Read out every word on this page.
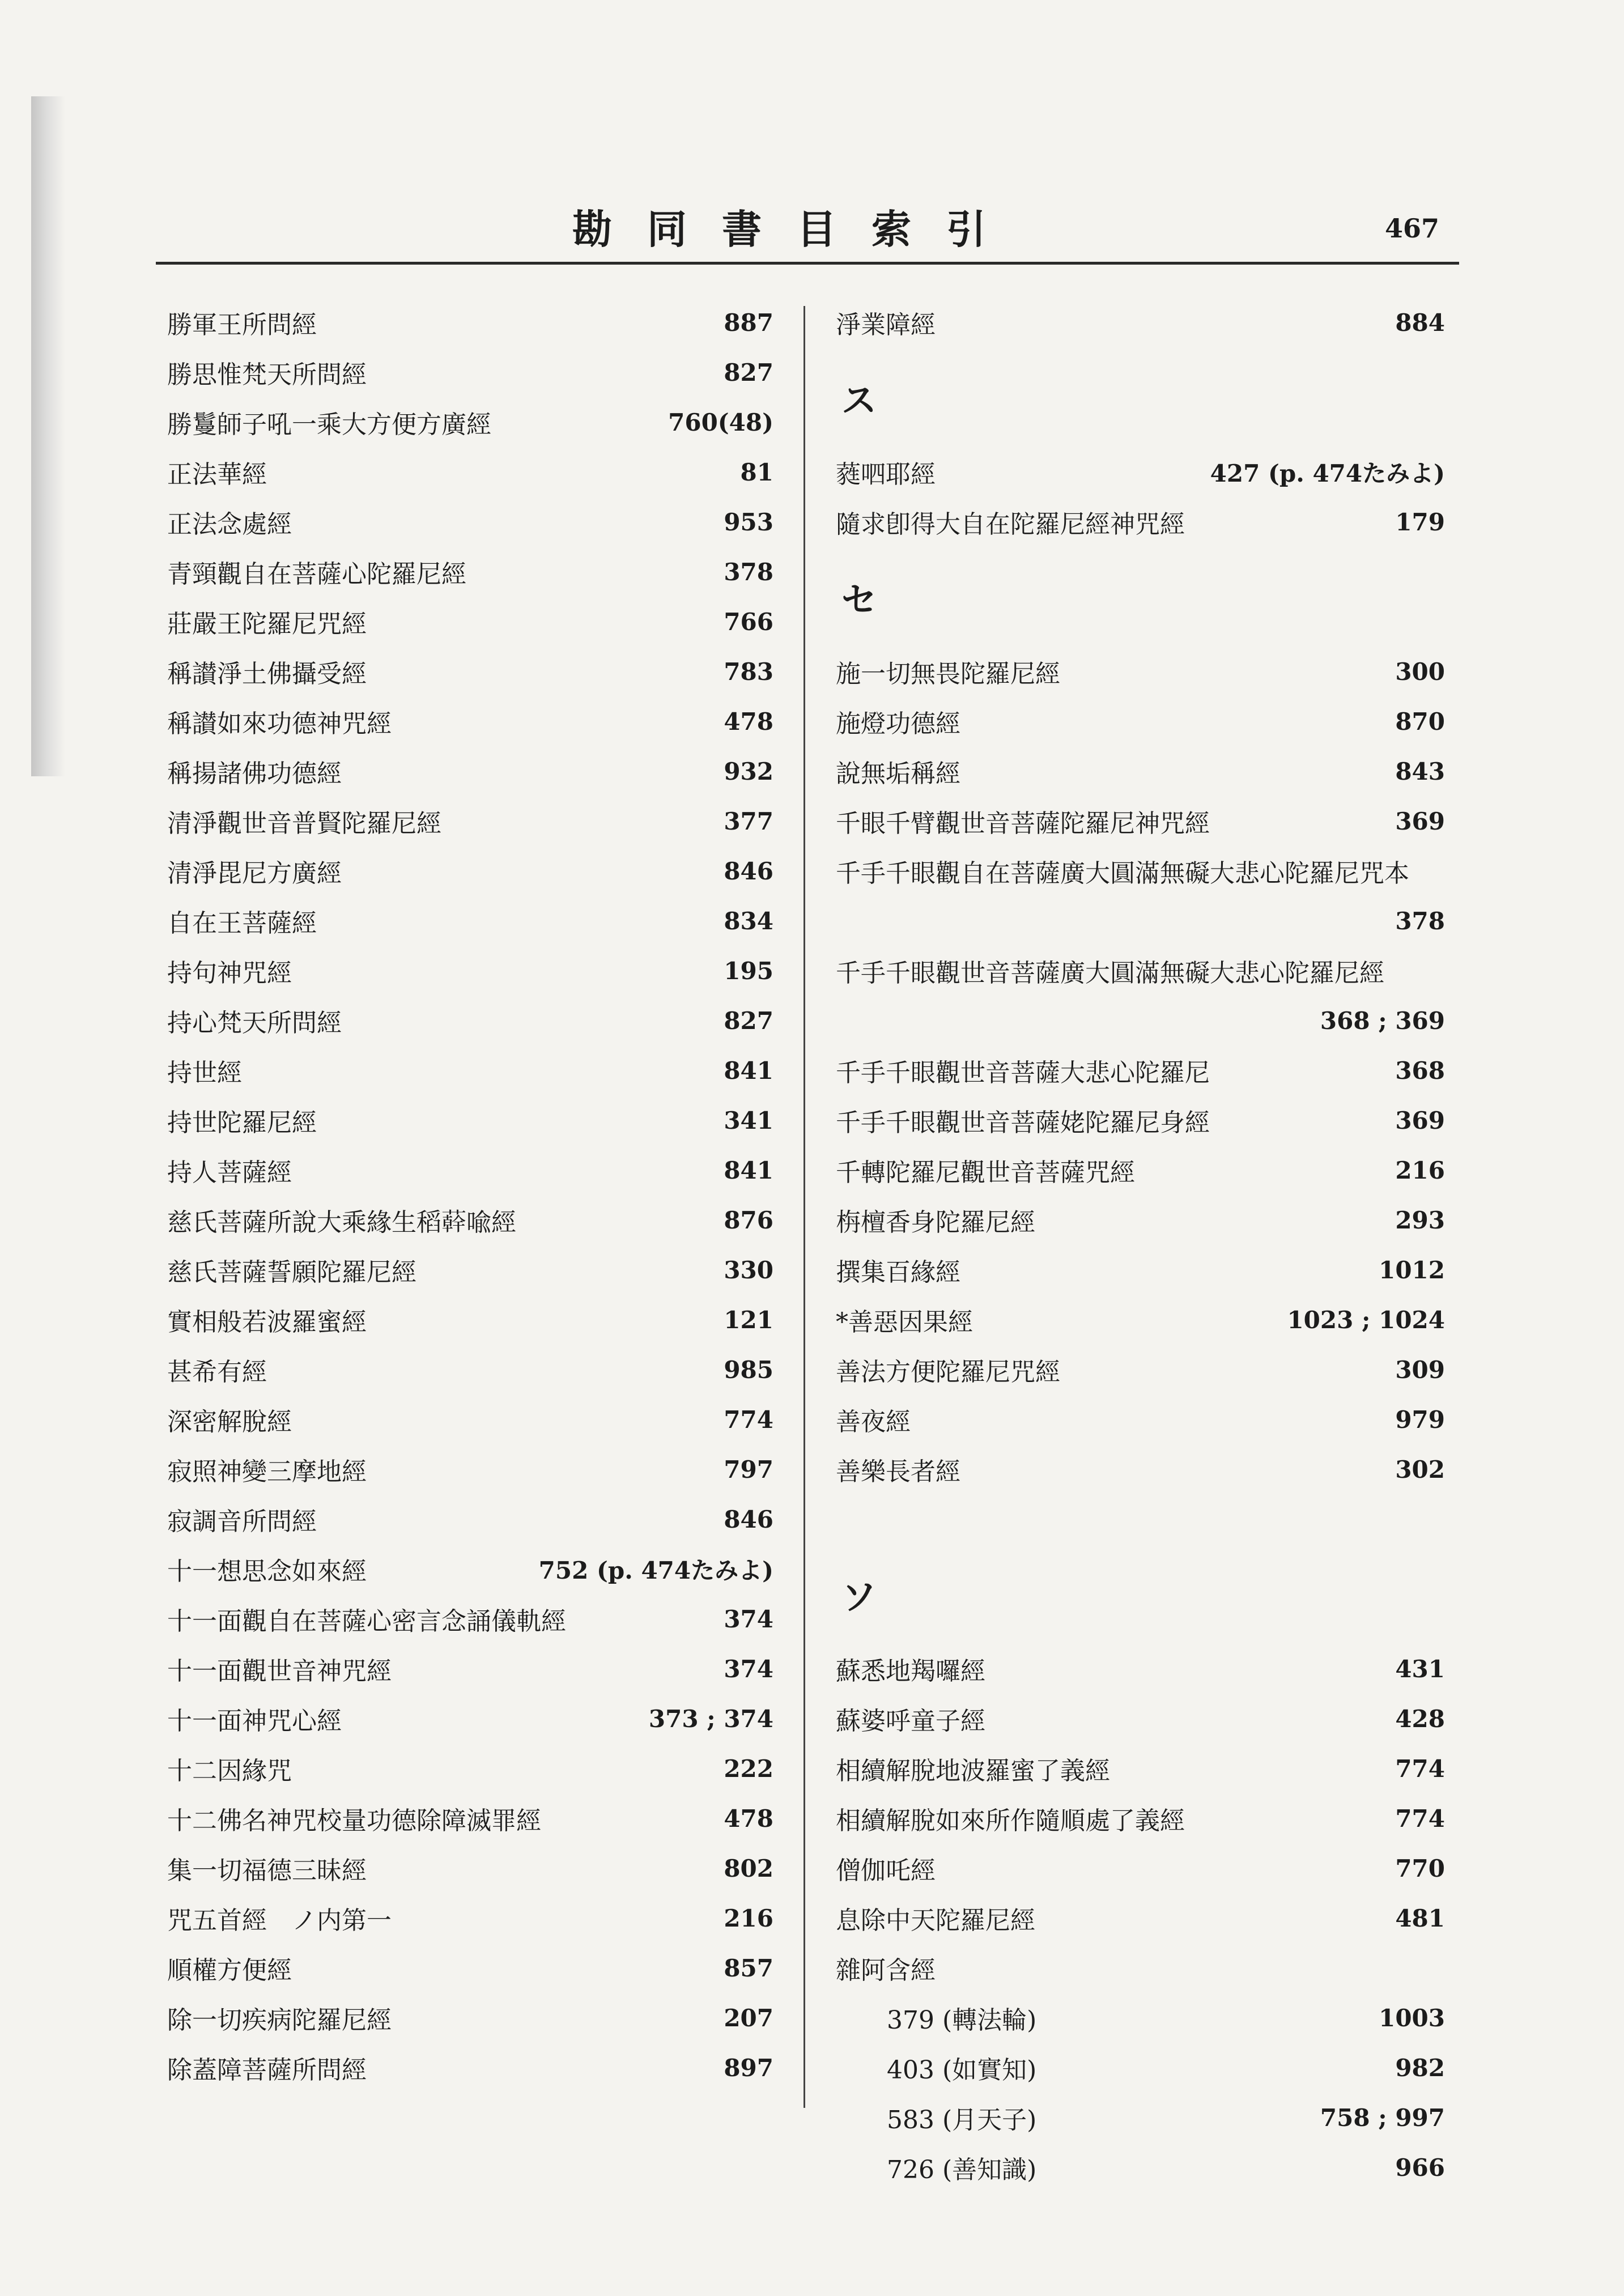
勘同書目索引	467
勝軍王所問經	887
勝思惟梵天所問經	827
勝鬘師子吼一乘大方便方廣經	760(48)
正法華經	81
正法念處經	953
青頸觀自在菩薩心陀羅尼經	378
莊嚴王陀羅尼咒經	766
稱讃淨土佛攝受經	783
稱讃如來功德神咒經	478
稱揚諸佛功德經	932
清淨觀世音普賢陀羅尼經	377
清淨毘尼方廣經	846
自在王菩薩經	834
持句神咒經	195
持心梵天所問經	827
持世經	841
持世陀羅尼經	341
持人菩薩經	841
慈氏菩薩所說大乘緣生稻𦼮喩經	876
慈氏菩薩誓願陀羅尼經	330
實相般若波羅蜜經	121
甚希有經	985
深密解脫經	774
寂照神變三摩地經	797
寂調音所問經	846
十一想思念如來經	752 (p. 474たみよ)
十一面觀自在菩薩心密言念誦儀軌經	374
十一面觀世音神咒經	374
十一面神咒心經	373 ; 374
十二因緣咒	222
十二佛名神咒校量功德除障滅罪經	478
集一切福德三昧經	802
咒五首經　ノ内第一	216
順權方便經	857
除一切疾病陀羅尼經	207
除蓋障菩薩所問經	897
淨業障經	884
ス
蕤呬耶經	427 (p. 474たみよ)
隨求卽得大自在陀羅尼經神咒經	179
セ
施一切無畏陀羅尼經	300
施燈功德經	870
說無垢稱經	843
千眼千臂觀世音菩薩陀羅尼神咒經	369
千手千眼觀自在菩薩廣大圓滿無礙大悲心陀羅尼咒本
378
千手千眼觀世音菩薩廣大圓滿無礙大悲心陀羅尼經
368 ; 369
千手千眼觀世音菩薩大悲心陀羅尼	368
千手千眼觀世音菩薩姥陀羅尼身經	369
千轉陀羅尼觀世音菩薩咒經	216
栴檀香身陀羅尼經	293
撰集百緣經	1012
*善惡因果經	1023 ; 1024
善法方便陀羅尼咒經	309
善夜經	979
善樂長者經	302
ソ
蘇悉地羯囉經	431
蘇婆呼童子經	428
相續解脫地波羅蜜了義經	774
相續解脫如來所作隨順處了義經	774
僧伽吒經	770
息除中天陀羅尼經	481
雜阿含經
379 (轉法輪)	1003
403 (如實知)	982
583 (月天子)	758 ; 997
726 (善知識)	966
